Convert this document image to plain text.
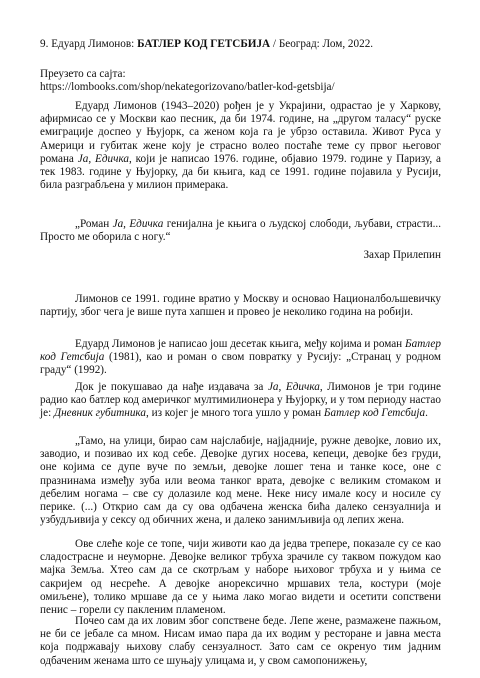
9. Едуард Лимонов: БАТЛЕР КОД ГЕТСБИЈА / Београд: Лом, 2022.
Преузето са сајта:
https://lombooks.com/shop/nekategorizovano/batler-kod-getsbija/

Едуард Лимонов (1943–2020) рођен је у Украјини, одрастао је у Харкову, афирмисао се у Москви као песник, да би 1974. године, на „другом таласу“ руске емиграције доспео у Њујорк, са женом која га је убрзо оставила. Живот Руса у Америци и губитак жене коју је страсно волео постаће теме су првог његовог романа Ја, Едичка, који је написао 1976. године, објавио 1979. године у Паризу, а тек 1983. године у Њујорку, да би књига, кад се 1991. године појавила у Русији, била разграбљена у милион примерака.

„Роман Ја, Едичка гениjална је књига о људској слободи, љубави, страсти... Просто ме оборила с ногу.“

Захар Прилепин

Лимонов се 1991. године вратио у Москву и основао Националбољшевичку партију, због чега је више пута хапшен и провео је неколико година на робији.

Едуард Лимонов је написао још десетак књига, међу којима и роман Батлер код Гетсбија (1981), као и роман о свом повратку у Русију: „Странац у родном граду“ (1992).

Док је покушавао да нађе издавача за Ја, Едичка, Лимонов је три године радио као батлер код америчког мултимилионера у Њујорку, и у том периоду настао је: Дневник губитника, из којег је много тога ушло у роман Батлер код Гетсбија.

„Тамо, на улици, бирао сам најслабије, најјадније, ружне девојке, ловио их, заводио, и позивао их код себе. Девојке дугих носева, кепеци, девојке без груди, оне којима се дупе вуче по земљи, девојке лошег тена и танке косе, оне с празнинама између зуба или веома танког врата, девојке с великим стомаком и дебелим ногама – све су долазиле код мене. Неке нису имале косу и носиле су перике. (...) Открио сам да су ова одбачена женска бића далеко сензуалнија и узбудљивија у сексу од обичних жена, и далеко занимљивија од лепих жена.

Ове слеће које се топе, чији животи као да једва трепере, показале су се као сладострасне и неуморне. Девојке великог трбуха зрачиле су таквом пожудом као мајка Земља. Хтео сам да се скотрљам у наборе њиховог трбуха и у њима се сакријем од несреће. А девојке анорексично мршавих тела, костури (моје омиљене), толико мршаве да се у њима лако могао видети и осетити сопствени пенис – горели су пакленим пламеном.

Почео сам да их ловим због сопствене беде. Лепе жене, размажене пажњом, не би се јебале са мном. Нисам имао пара да их водим у ресторане и јавна места која подржавају њихову слабу сензуалност. Зато сам се окренуо тим јадним одбаченим женама што се шуњају улицама и, у свом самопонижењу,
